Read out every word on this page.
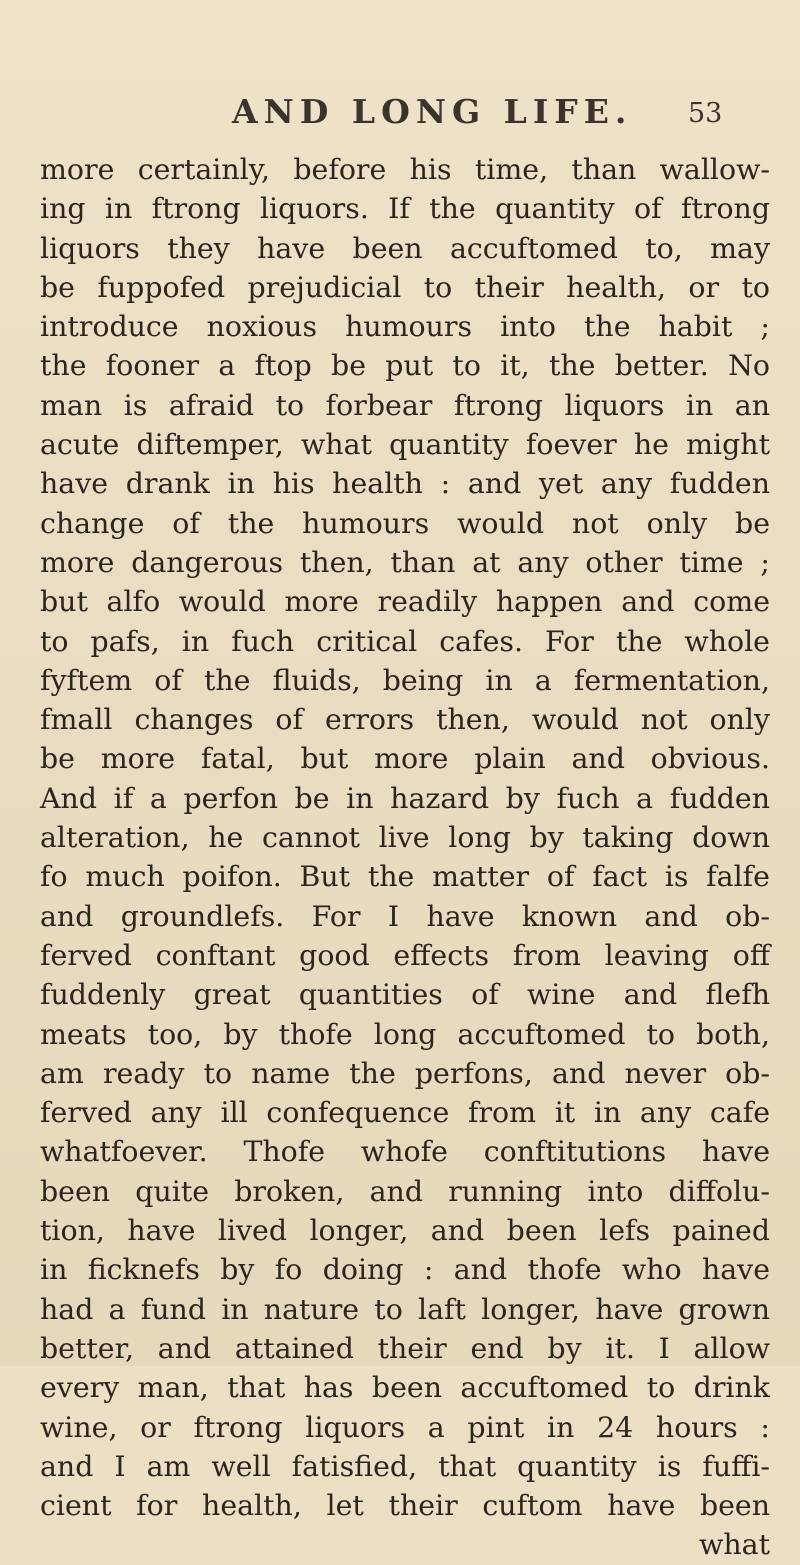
AND LONG LIFE. 53
more certainly, before his time, than wallow-
ing in ftrong liquors. If the quantity of ftrong
liquors they have been accuftomed to, may
be fuppofed prejudicial to their health, or to
introduce noxious humours into the habit ;
the fooner a ftop be put to it, the better. No
man is afraid to forbear ftrong liquors in an
acute diftemper, what quantity foever he might
have drank in his health : and yet any fudden
change of the humours would not only be
more dangerous then, than at any other time ;
but alfo would more readily happen and come
to pafs, in fuch critical cafes. For the whole
fyftem of the fluids, being in a fermentation,
fmall changes of errors then, would not only
be more fatal, but more plain and obvious.
And if a perfon be in hazard by fuch a fudden
alteration, he cannot live long by taking down
fo much poifon. But the matter of fact is falfe
and groundlefs. For I have known and ob-
ferved conftant good effects from leaving off
fuddenly great quantities of wine and flefh
meats too, by thofe long accuftomed to both,
am ready to name the perfons, and never ob-
ferved any ill confequence from it in any cafe
whatfoever. Thofe whofe conftitutions have
been quite broken, and running into diffolu-
tion, have lived longer, and been lefs pained
in ficknefs by fo doing : and thofe who have
had a fund in nature to laft longer, have grown
better, and attained their end by it. I allow
every man, that has been accuftomed to drink
wine, or ftrong liquors a pint in 24 hours :
and I am well fatisfied, that quantity is fuffi-
cient for health, let their cuftom have been
what
